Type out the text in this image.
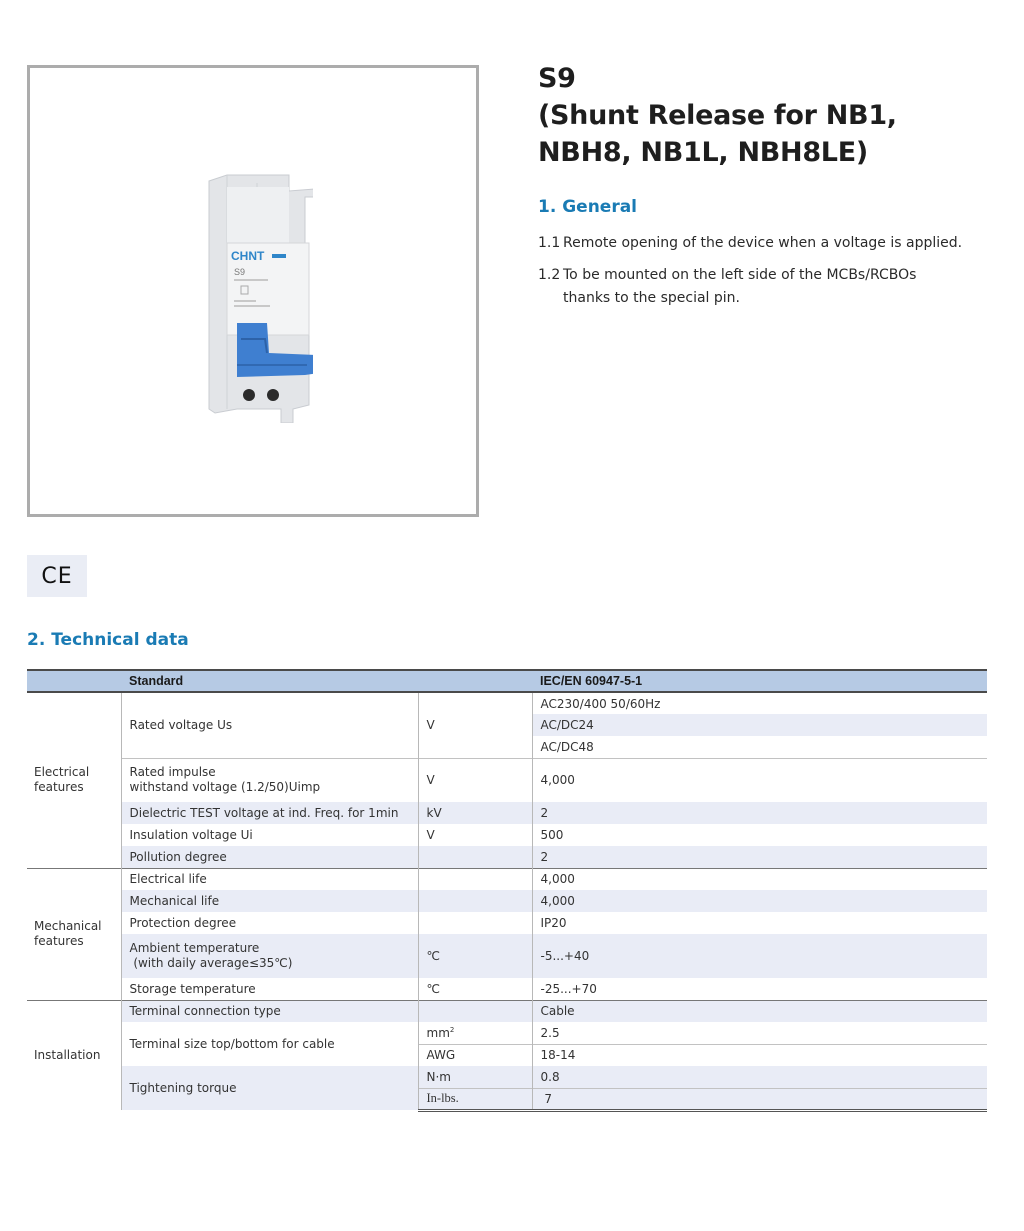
CHNT
S9
S9
(Shunt Release for NB1,
NBH8, NB1L, NBH8LE)
1. General
1.1 Remote opening of the device when a voltage is applied.
1.2 To be mounted on the left side of the MCBs/RCBOs
thanks to the special pin.
CE
2. Technical data
	Standard		IEC/EN 60947-5-1
Electrical
features	Rated voltage Us	V	AC230/400 50/60Hz
			AC/DC24
			AC/DC48
	Rated impulse
withstand voltage (1.2/50)Uimp	V	4,000
	Dielectric TEST voltage at ind. Freq. for 1min	kV	2
	Insulation voltage Ui	V	500
	Pollution degree		2
Mechanical
features	Electrical life		4,000
	Mechanical life		4,000
	Protection degree		IP20
	Ambient temperature
(with daily average≤35℃)	℃	-5...+40
	Storage temperature	℃	-25...+70
Installation	Terminal connection type		Cable
	Terminal size top/bottom for cable	$mm^2$	2.5
		AWG	18-14
	Tightening torque	N·m	0.8
		In-lbs.	7
